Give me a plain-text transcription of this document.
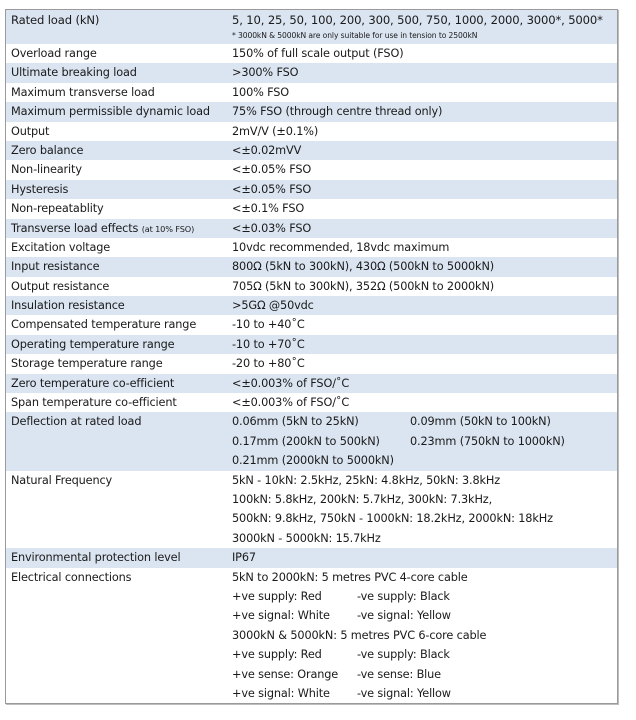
Rated load (kN)	5, 10, 25, 50, 100, 200, 300, 500, 750, 1000, 2000, 3000*, 5000*
* 3000kN & 5000kN are only suitable for use in tension to 2500kN
Overload range	150% of full scale output (FSO)
Ultimate breaking load	>300% FSO
Maximum transverse load	100% FSO
Maximum permissible dynamic load	75% FSO (through centre thread only)
Output	2mV/V (±0.1%)
Zero balance	<±0.02mVV
Non-linearity	<±0.05% FSO
Hysteresis	<±0.05% FSO
Non-repeatablity	<±0.1% FSO
Transverse load effects (at 10% FSO)	<±0.03% FSO
Excitation voltage	10vdc recommended, 18vdc maximum
Input resistance	800Ω (5kN to 300kN), 430Ω (500kN to 5000kN)
Output resistance	705Ω (5kN to 300kN), 352Ω (500kN to 2000kN)
Insulation resistance	>5GΩ @50vdc
Compensated temperature range	-10 to +40˚C
Operating temperature range	-10 to +70˚C
Storage temperature range	-20 to +80˚C
Zero temperature co-efficient	<±0.003% of FSO/˚C
Span temperature co-efficient	<±0.003% of FSO/˚C
Deflection at rated load	0.06mm (5kN to 25kN)	0.09mm (50kN to 100kN)
0.17mm (200kN to 500kN)	0.23mm (750kN to 1000kN)
0.21mm (2000kN to 5000kN)
Natural Frequency	5kN - 10kN: 2.5kHz, 25kN: 4.8kHz, 50kN: 3.8kHz
100kN: 5.8kHz, 200kN: 5.7kHz, 300kN: 7.3kHz,
500kN: 9.8kHz, 750kN - 1000kN: 18.2kHz, 2000kN: 18kHz
3000kN - 5000kN: 15.7kHz
Environmental protection level	IP67
Electrical connections	5kN to 2000kN: 5 metres PVC 4-core cable
+ve supply: Red	-ve supply: Black
+ve signal: White -ve signal: Yellow
3000kN & 5000kN: 5 metres PVC 6-core cable
+ve supply: Red	-ve supply: Black
+ve sense: Orange -ve sense: Blue
+ve signal: White -ve signal: Yellow
